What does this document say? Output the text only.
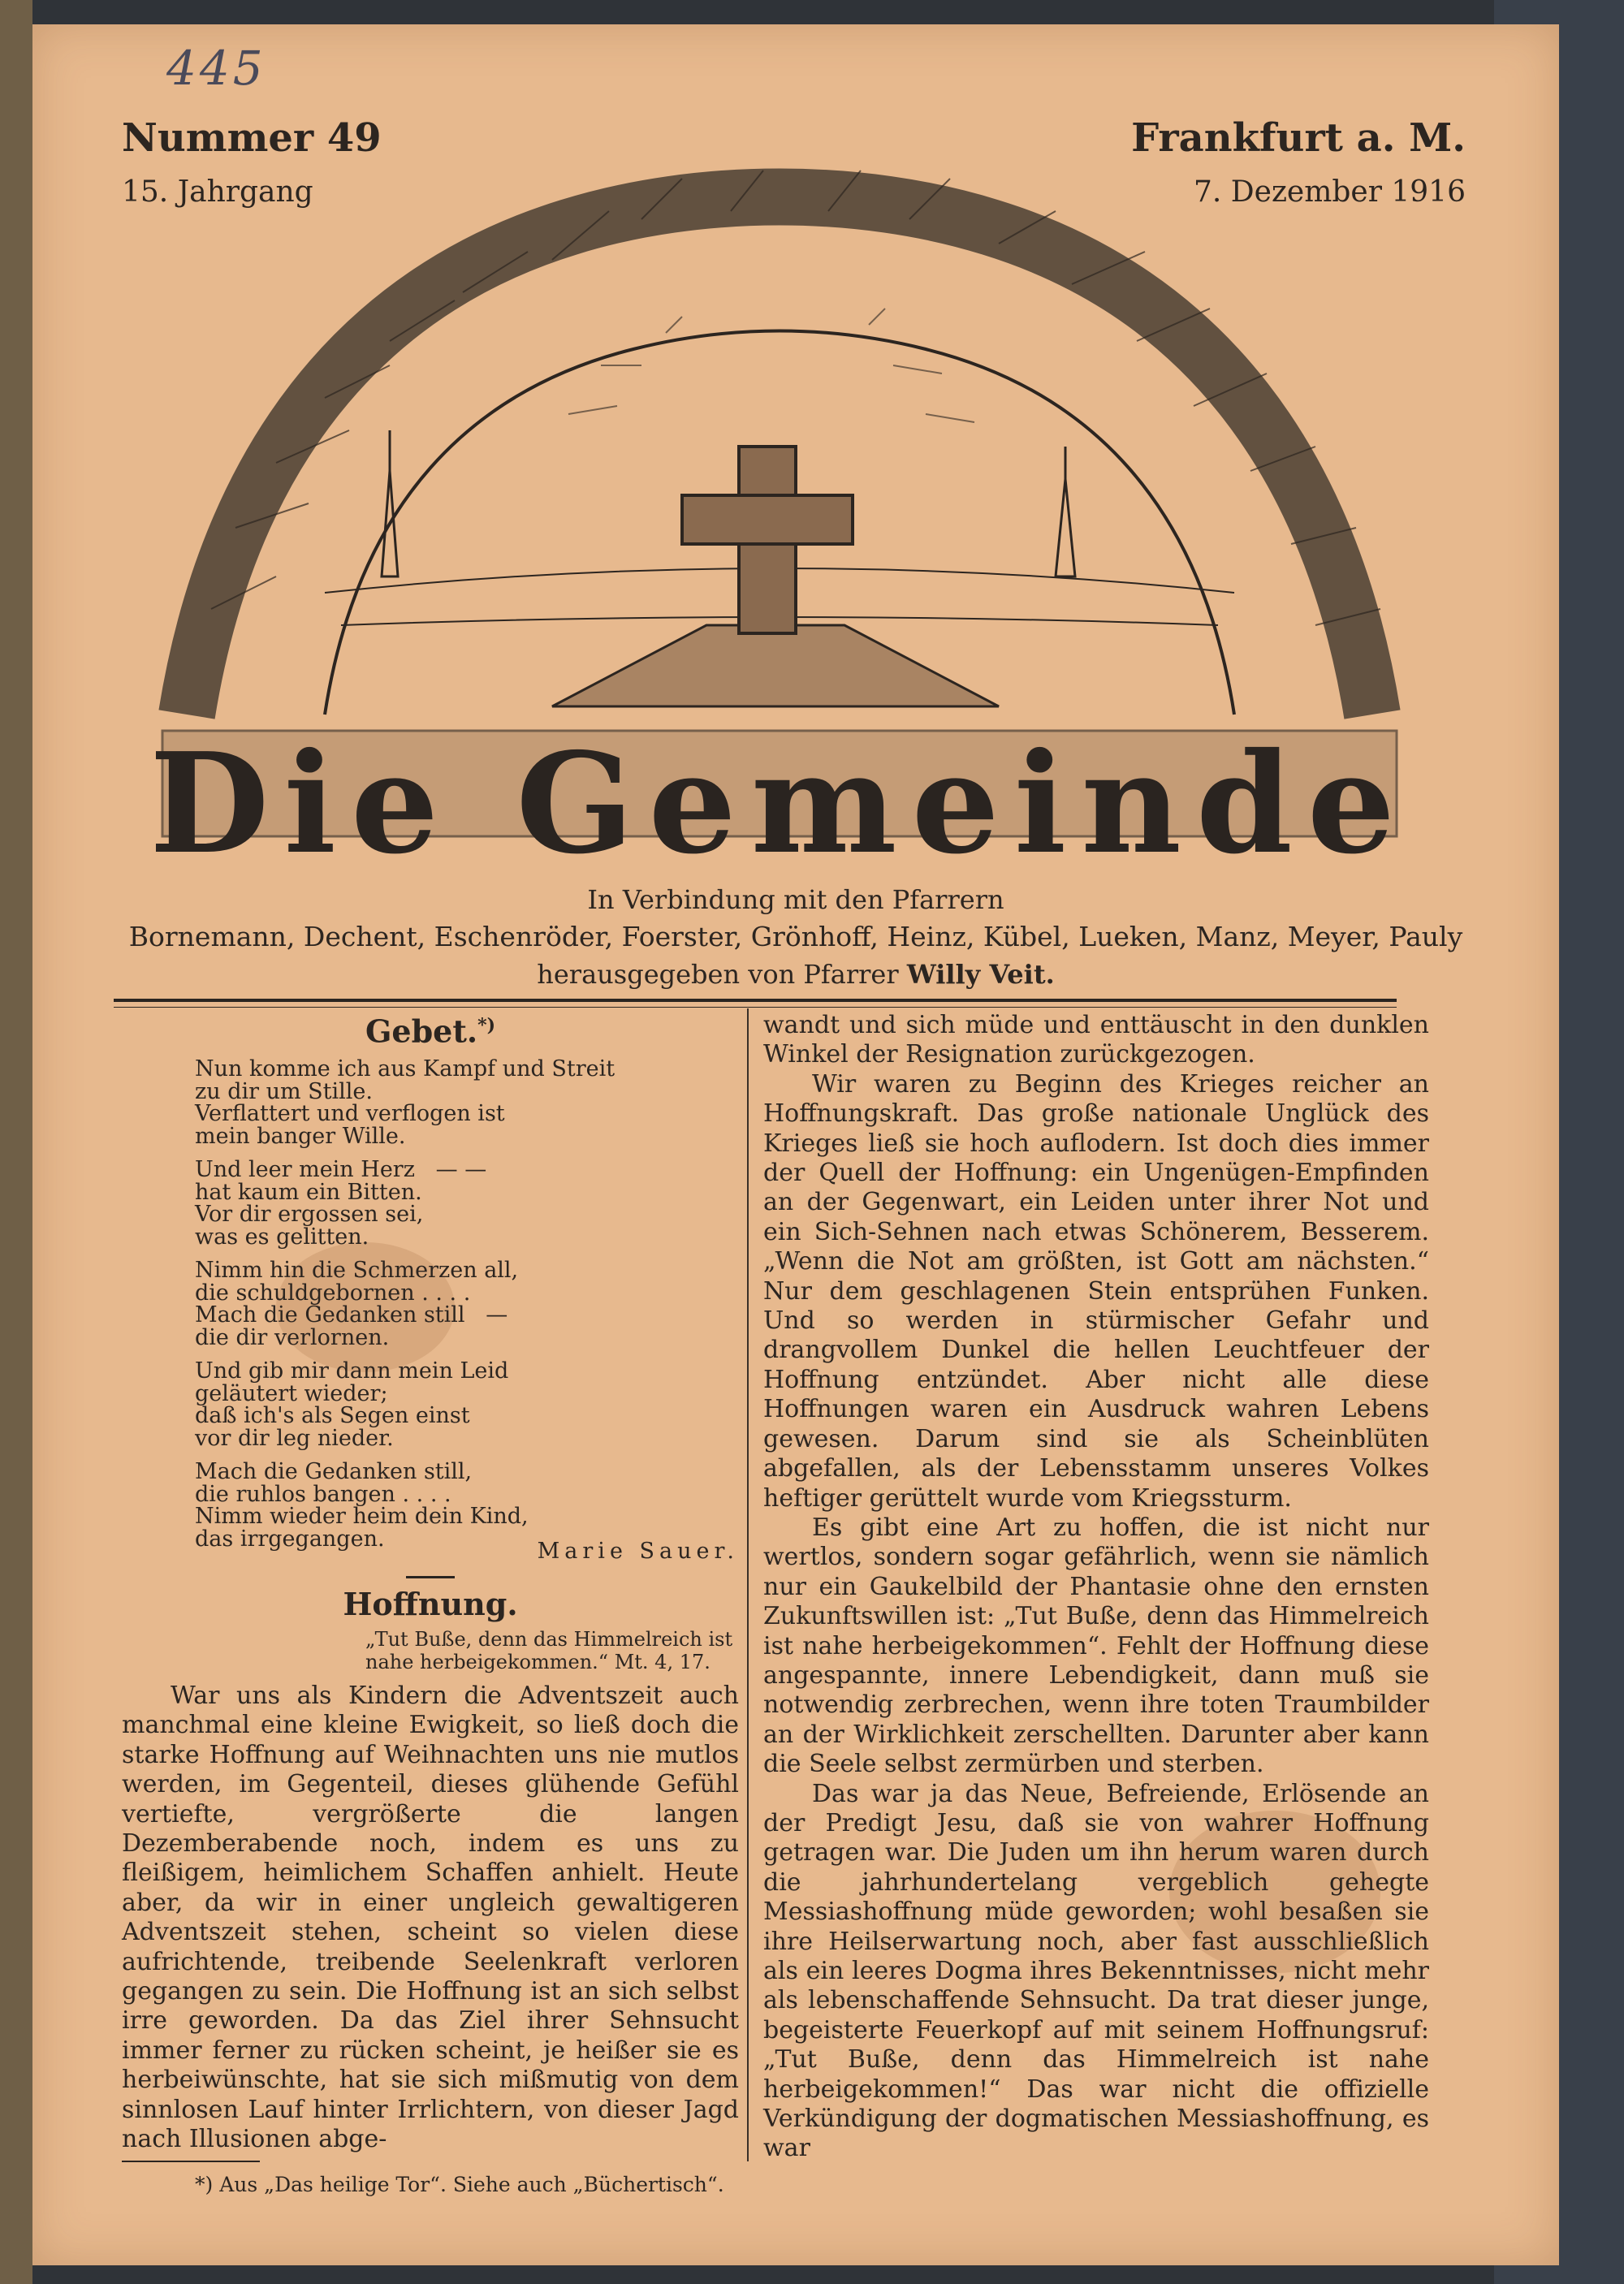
445
Nummer 49
15. Jahrgang
Frankfurt a. M.
7. Dezember 1916
Die Gemeinde
In Verbindung mit den Pfarrern
Bornemann, Dechent, Eschenröder, Foerster, Grönhoff, Heinz, Kübel, Lueken, Manz, Meyer, Pauly
herausgegeben von Pfarrer Willy Veit.
Gebet.*)
Nun komme ich aus Kampf und Streit
zu dir um Stille.
Verflattert und verflogen ist
mein banger Wille.
Und leer mein Herz   — —
hat kaum ein Bitten.
Vor dir ergossen sei,
was es gelitten.
Nimm hin die Schmerzen all,
die schuldgebornen . . . .
Mach die Gedanken still   —
die dir verlornen.
Und gib mir dann mein Leid
geläutert wieder;
daß ich's als Segen einst
vor dir leg nieder.
Mach die Gedanken still,
die ruhlos bangen . . . .
Nimm wieder heim dein Kind,
das irrgegangen.	Marie Sauer.
Hoffnung.
„Tut Buße, denn das Himmelreich ist
nahe herbeigekommen.“ Mt. 4, 17.

War uns als Kindern die Adventszeit auch manchmal eine kleine Ewigkeit, so ließ doch die starke Hoffnung auf Weihnachten uns nie mutlos werden, im Gegenteil, dieses glühende Gefühl vertiefte, vergrößerte die langen Dezemberabende noch, indem es uns zu fleißigem, heimlichem Schaffen anhielt. Heute aber, da wir in einer ungleich gewaltigeren Adventszeit stehen, scheint so vielen diese aufrichtende, treibende Seelenkraft verloren gegangen zu sein. Die Hoffnung ist an sich selbst irre geworden. Da das Ziel ihrer Sehnsucht immer ferner zu rücken scheint, je heißer sie es herbeiwünschte, hat sie sich mißmutig von dem sinnlosen Lauf hinter Irrlichtern, von dieser Jagd nach Illusionen abge-

*) Aus „Das heilige Tor“. Siehe auch „Büchertisch“.

wandt und sich müde und enttäuscht in den dunklen Winkel der Resignation zurückgezogen.

Wir waren zu Beginn des Krieges reicher an Hoffnungskraft. Das große nationale Unglück des Krieges ließ sie hoch auflodern. Ist doch dies immer der Quell der Hoffnung: ein Ungenügen-Empfinden an der Gegenwart, ein Leiden unter ihrer Not und ein Sich-Sehnen nach etwas Schönerem, Besserem. „Wenn die Not am größten, ist Gott am nächsten.“ Nur dem geschlagenen Stein entsprühen Funken. Und so werden in stürmischer Gefahr und drangvollem Dunkel die hellen Leuchtfeuer der Hoffnung entzündet. Aber nicht alle diese Hoffnungen waren ein Ausdruck wahren Lebens gewesen. Darum sind sie als Scheinblüten abgefallen, als der Lebensstamm unseres Volkes heftiger gerüttelt wurde vom Kriegssturm.

Es gibt eine Art zu hoffen, die ist nicht nur wertlos, sondern sogar gefährlich, wenn sie nämlich nur ein Gaukelbild der Phantasie ohne den ernsten Zukunftswillen ist: „Tut Buße, denn das Himmelreich ist nahe herbeigekommen“. Fehlt der Hoffnung diese angespannte, innere Lebendigkeit, dann muß sie notwendig zerbrechen, wenn ihre toten Traumbilder an der Wirklichkeit zerschellten. Darunter aber kann die Seele selbst zermürben und sterben.

Das war ja das Neue, Befreiende, Erlösende an der Predigt Jesu, daß sie von wahrer Hoffnung getragen war. Die Juden um ihn herum waren durch die jahrhundertelang vergeblich gehegte Messiashoffnung müde geworden; wohl besaßen sie ihre Heilserwartung noch, aber fast ausschließlich als ein leeres Dogma ihres Bekenntnisses, nicht mehr als lebenschaffende Sehnsucht. Da trat dieser junge, begeisterte Feuerkopf auf mit seinem Hoffnungsruf: „Tut Buße, denn das Himmelreich ist nahe herbeigekommen!“ Das war nicht die offizielle Verkündigung der dogmatischen Messiashoffnung, es war
